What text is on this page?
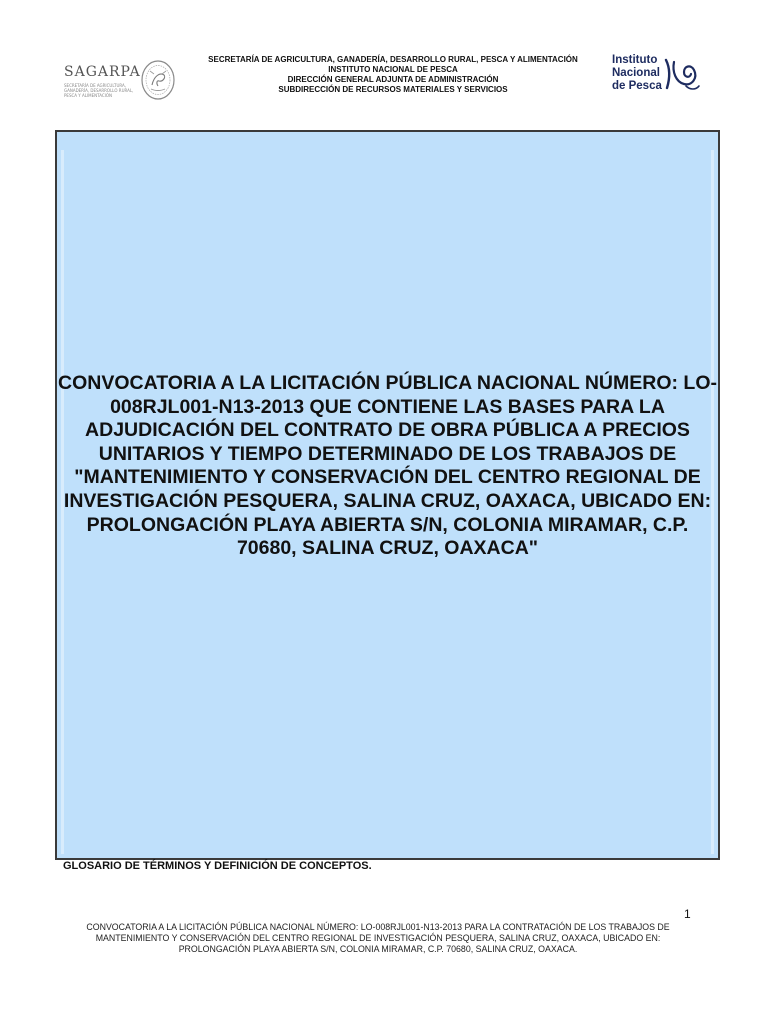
SAGARPA
SECRETARÍA DE AGRICULTURA, GANADERÍA, DESARROLLO RURAL, PESCA Y ALIMENTACIÓN
SECRETARÍA DE AGRICULTURA, GANADERÍA, DESARROLLO RURAL, PESCA Y ALIMENTACIÓN
INSTITUTO NACIONAL DE PESCA
DIRECCIÓN GENERAL ADJUNTA DE ADMINISTRACIÓN
SUBDIRECCIÓN DE RECURSOS MATERIALES Y SERVICIOS
Instituto
Nacional
de Pesca
CONVOCATORIA A LA LICITACIÓN PÚBLICA NACIONAL NÚMERO: LO-008RJL001-N13-2013 QUE CONTIENE LAS BASES PARA LA ADJUDICACIÓN DEL CONTRATO DE OBRA PÚBLICA A PRECIOS UNITARIOS Y TIEMPO DETERMINADO DE LOS TRABAJOS DE "MANTENIMIENTO Y CONSERVACIÓN DEL CENTRO REGIONAL DE INVESTIGACIÓN PESQUERA, SALINA CRUZ, OAXACA, UBICADO EN: PROLONGACIÓN PLAYA ABIERTA S/N, COLONIA MIRAMAR, C.P. 70680, SALINA CRUZ, OAXACA"
GLOSARIO DE TÉRMINOS Y DEFINICIÓN DE CONCEPTOS.
1
CONVOCATORIA A LA LICITACIÓN PÚBLICA NACIONAL NÚMERO: LO-008RJL001-N13-2013 PARA LA CONTRATACIÓN DE LOS TRABAJOS DE MANTENIMIENTO Y CONSERVACIÓN DEL CENTRO REGIONAL DE INVESTIGACIÓN PESQUERA, SALINA CRUZ, OAXACA, UBICADO EN: PROLONGACIÓN PLAYA ABIERTA S/N, COLONIA MIRAMAR, C.P. 70680, SALINA CRUZ, OAXACA.
